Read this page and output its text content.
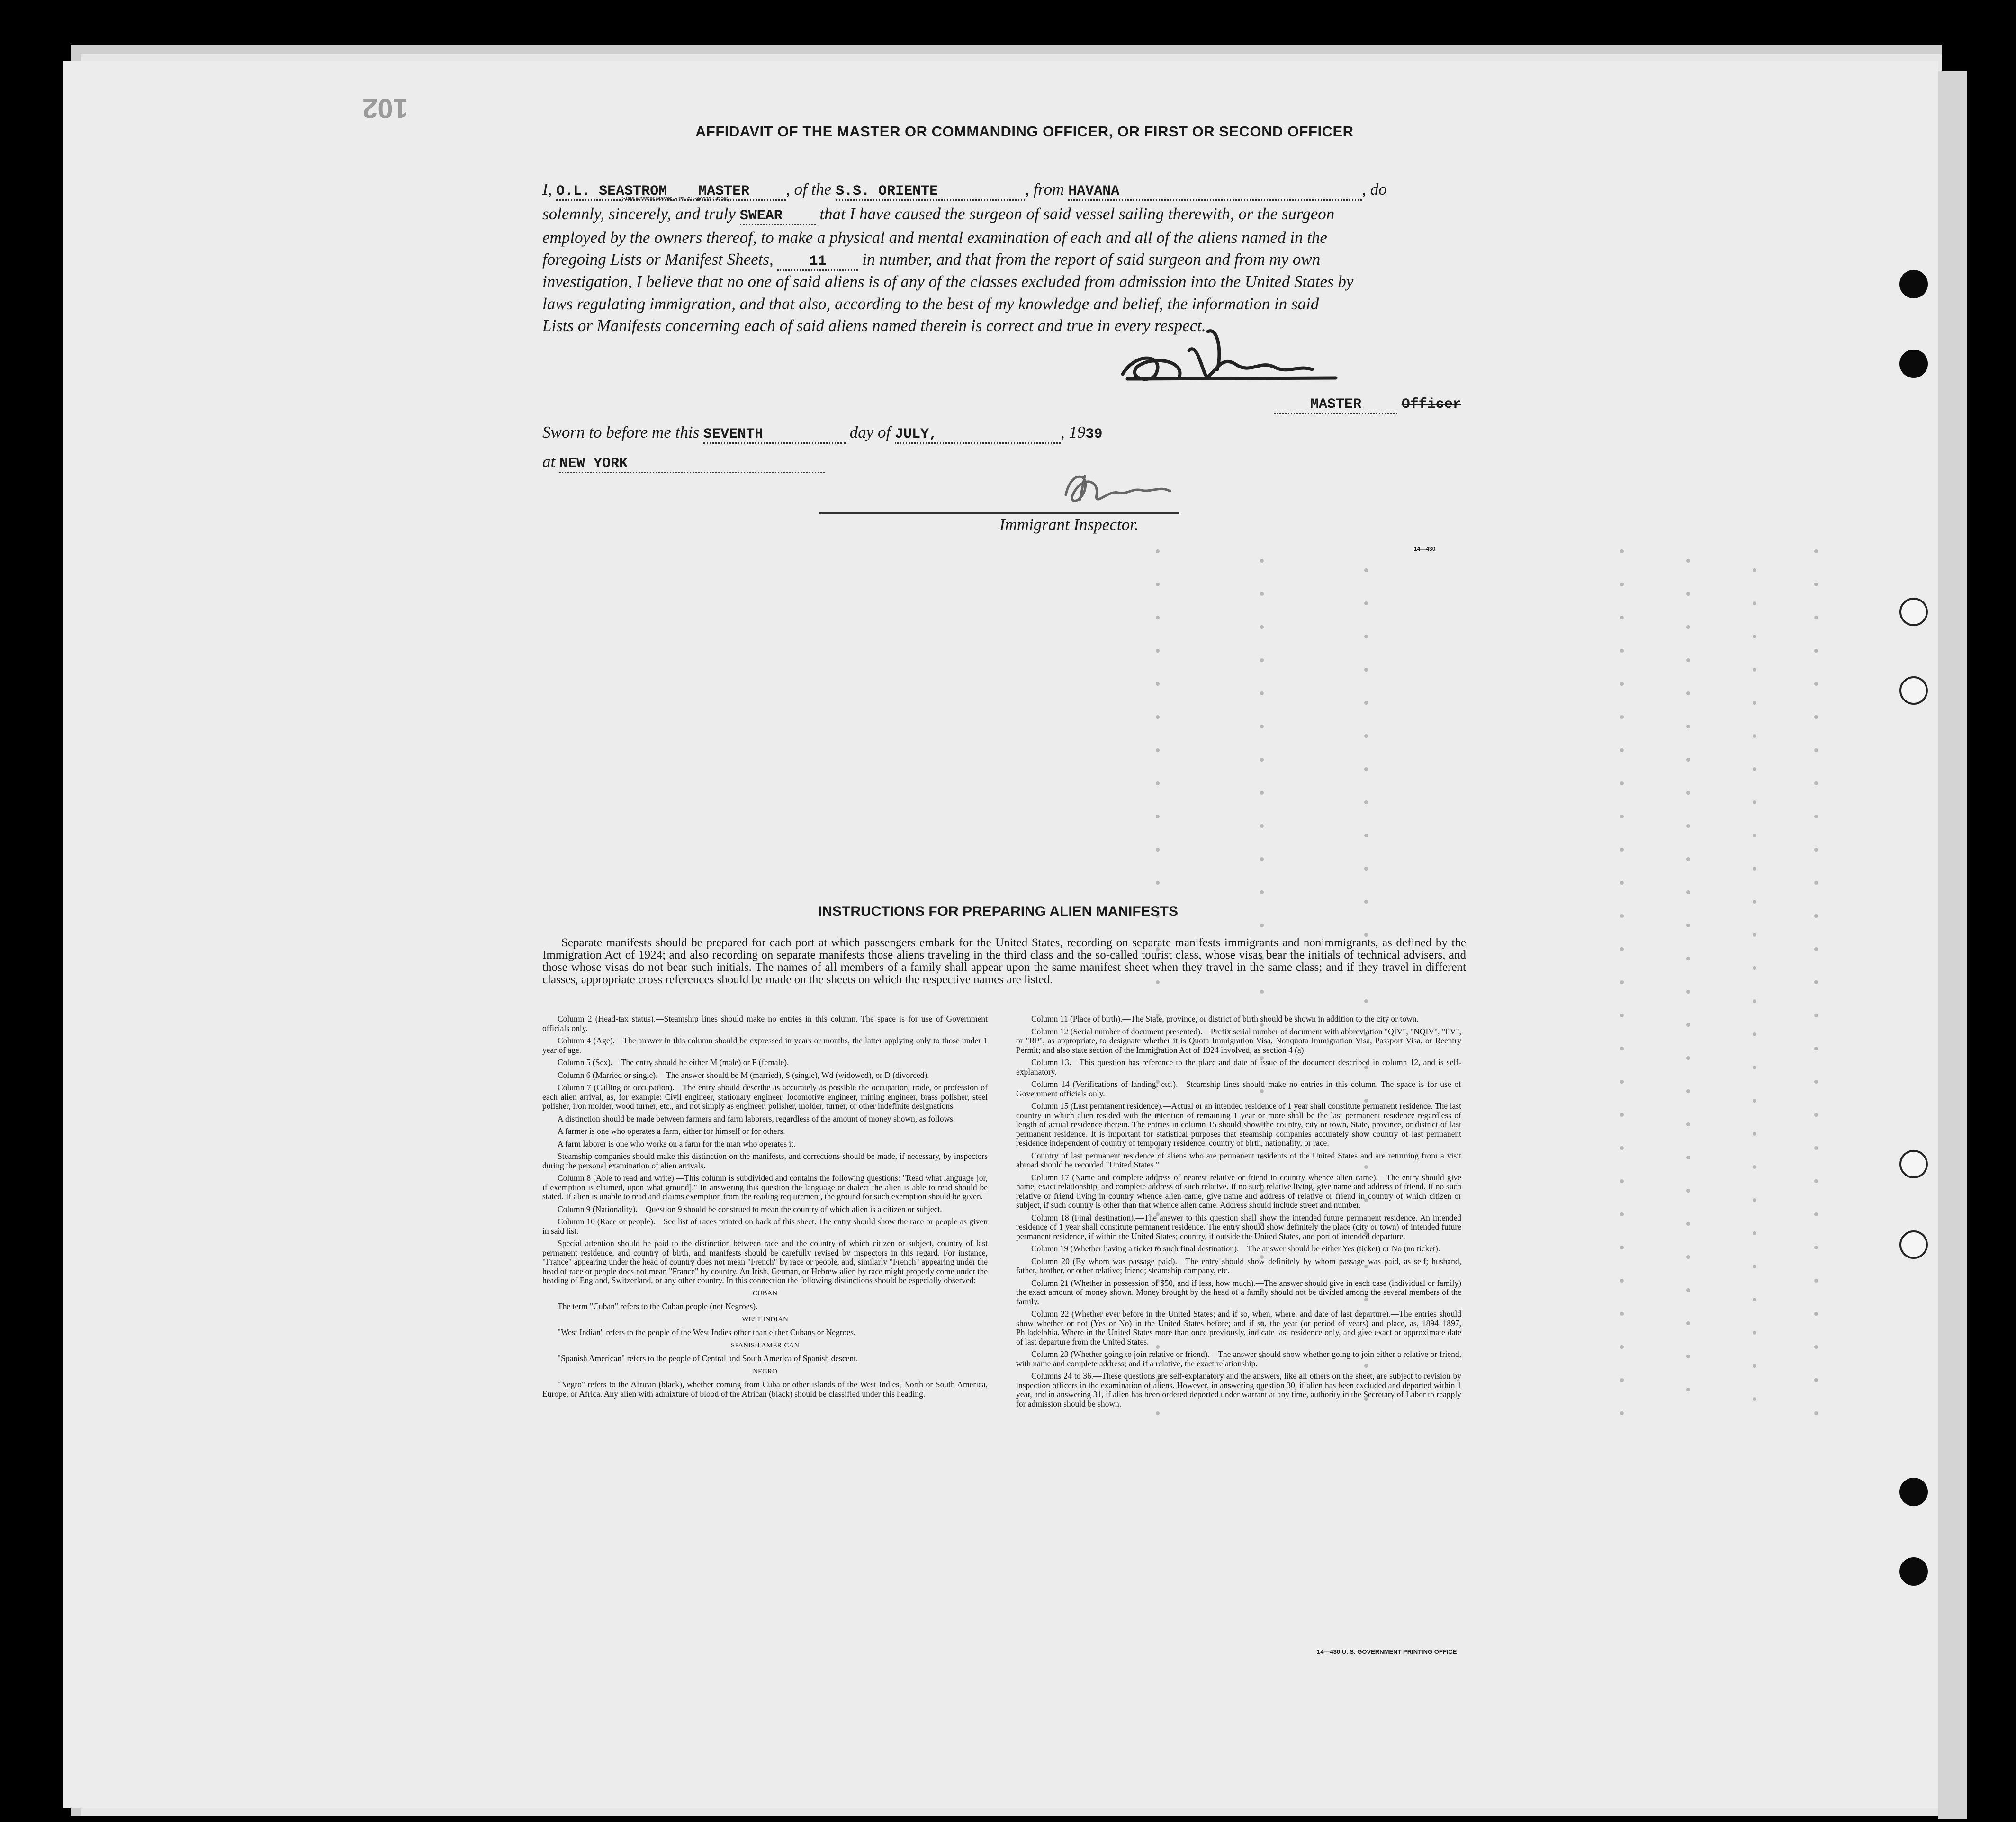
102
AFFIDAVIT OF THE MASTER OR COMMANDING OFFICER, OR FIRST OR SECOND OFFICER
I, O.L. SEASTROM MASTER , of the S.S. ORIENTE	, from HAVANA	, do
(State whether Master, First, or Second Officer)
solemnly, sincerely, and truly SWEAR that I have caused the surgeon of said vessel sailing therewith, or the surgeon
employed by the owners thereof, to make a physical and mental examination of each and all of the aliens named in the
foregoing Lists or Manifest Sheets,	11 in number, and that from the report of said surgeon and from my own
investigation, I believe that no one of said aliens is of any of the classes excluded from admission into the United States by
laws regulating immigration, and that also, according to the best of my knowledge and belief, the information in said
Lists or Manifests concerning each of said aliens named therein is correct and true in every respect.
MASTER	Officer
Sworn to before me this SEVENTH	day of JULY,	, 1939
at NEW YORK
Immigrant Inspector.
14—430
INSTRUCTIONS FOR PREPARING ALIEN MANIFESTS
Separate manifests should be prepared for each port at which passengers embark for the United States, recording on separate manifests immigrants and nonimmigrants, as defined by the Immigration Act of 1924; and also recording on separate manifests those aliens traveling in the third class and the so-called tourist class, whose visas bear the initials of technical advisers, and those whose visas do not bear such initials. The names of all members of a family shall appear upon the same manifest sheet when they travel in the same class; and if they travel in different classes, appropriate cross references should be made on the sheets on which the respective names are listed.

Column 2 (Head-tax status).—Steamship lines should make no entries in this column. The space is for use of Government officials only.

Column 4 (Age).—The answer in this column should be expressed in years or months, the latter applying only to those under 1 year of age.

Column 5 (Sex).—The entry should be either M (male) or F (female).

Column 6 (Married or single).—The answer should be M (married), S (single), Wd (widowed), or D (divorced).

Column 7 (Calling or occupation).—The entry should describe as accurately as possible the occupation, trade, or profession of each alien arrival, as, for example: Civil engineer, stationary engineer, locomotive engineer, mining engineer, brass polisher, steel polisher, iron molder, wood turner, etc., and not simply as engineer, polisher, molder, turner, or other indefinite designations.

A distinction should be made between farmers and farm laborers, regardless of the amount of money shown, as follows:

A farmer is one who operates a farm, either for himself or for others.

A farm laborer is one who works on a farm for the man who operates it.

Steamship companies should make this distinction on the manifests, and corrections should be made, if necessary, by inspectors during the personal examination of alien arrivals.

Column 8 (Able to read and write).—This column is subdivided and contains the following questions: "Read what language [or, if exemption is claimed, upon what ground]." In answering this question the language or dialect the alien is able to read should be stated. If alien is unable to read and claims exemption from the reading requirement, the ground for such exemption should be given.

Column 9 (Nationality).—Question 9 should be construed to mean the country of which alien is a citizen or subject.

Column 10 (Race or people).—See list of races printed on back of this sheet. The entry should show the race or people as given in said list.

Special attention should be paid to the distinction between race and the country of which citizen or subject, country of last permanent residence, and country of birth, and manifests should be carefully revised by inspectors in this regard. For instance, "France" appearing under the head of country does not mean "French" by race or people, and, similarly "French" appearing under the head of race or people does not mean "France" by country. An Irish, German, or Hebrew alien by race might properly come under the heading of England, Switzerland, or any other country. In this connection the following distinctions should be especially observed:

CUBAN

The term "Cuban" refers to the Cuban people (not Negroes).

WEST INDIAN

"West Indian" refers to the people of the West Indies other than either Cubans or Negroes.

SPANISH AMERICAN

"Spanish American" refers to the people of Central and South America of Spanish descent.

NEGRO

"Negro" refers to the African (black), whether coming from Cuba or other islands of the West Indies, North or South America, Europe, or Africa. Any alien with admixture of blood of the African (black) should be classified under this heading.

Column 11 (Place of birth).—The State, province, or district of birth should be shown in addition to the city or town.

Column 12 (Serial number of document presented).—Prefix serial number of document with abbreviation "QIV", "NQIV", "PV", or "RP", as appropriate, to designate whether it is Quota Immigration Visa, Nonquota Immigration Visa, Passport Visa, or Reentry Permit; and also state section of the Immigration Act of 1924 involved, as section 4 (a).

Column 13.—This question has reference to the place and date of issue of the document described in column 12, and is self-explanatory.

Column 14 (Verifications of landing, etc.).—Steamship lines should make no entries in this column. The space is for use of Government officials only.

Column 15 (Last permanent residence).—Actual or an intended residence of 1 year shall constitute permanent residence. The last country in which alien resided with the intention of remaining 1 year or more shall be the last permanent residence regardless of length of actual residence therein. The entries in column 15 should show the country, city or town, State, province, or district of last permanent residence. It is important for statistical purposes that steamship companies accurately show country of last permanent residence independent of country of temporary residence, country of birth, nationality, or race.

Country of last permanent residence of aliens who are permanent residents of the United States and are returning from a visit abroad should be recorded "United States."

Column 17 (Name and complete address of nearest relative or friend in country whence alien came).—The entry should give name, exact relationship, and complete address of such relative. If no such relative living, give name and address of friend. If no such relative or friend living in country whence alien came, give name and address of relative or friend in country of which citizen or subject, if such country is other than that whence alien came. Address should include street and number.

Column 18 (Final destination).—The answer to this question shall show the intended future permanent residence. An intended residence of 1 year shall constitute permanent residence. The entry should show definitely the place (city or town) of intended future permanent residence, if within the United States; country, if outside the United States, and port of intended departure.

Column 19 (Whether having a ticket to such final destination).—The answer should be either Yes (ticket) or No (no ticket).

Column 20 (By whom was passage paid).—The entry should show definitely by whom passage was paid, as self; husband, father, brother, or other relative; friend; steamship company, etc.

Column 21 (Whether in possession of $50, and if less, how much).—The answer should give in each case (individual or family) the exact amount of money shown. Money brought by the head of a family should not be divided among the several members of the family.

Column 22 (Whether ever before in the United States; and if so, when, where, and date of last departure).—The entries should show whether or not (Yes or No) in the United States before; and if so, the year (or period of years) and place, as, 1894–1897, Philadelphia. Where in the United States more than once previously, indicate last residence only, and give exact or approximate date of last departure from the United States.

Column 23 (Whether going to join relative or friend).—The answer should show whether going to join either a relative or friend, with name and complete address; and if a relative, the exact relationship.

Columns 24 to 36.—These questions are self-explanatory and the answers, like all others on the sheet, are subject to revision by inspection officers in the examination of aliens. However, in answering question 30, if alien has been excluded and deported within 1 year, and in answering 31, if alien has been ordered deported under warrant at any time, authority in the Secretary of Labor to reapply for admission should be shown.

14—430 U. S. GOVERNMENT PRINTING OFFICE
